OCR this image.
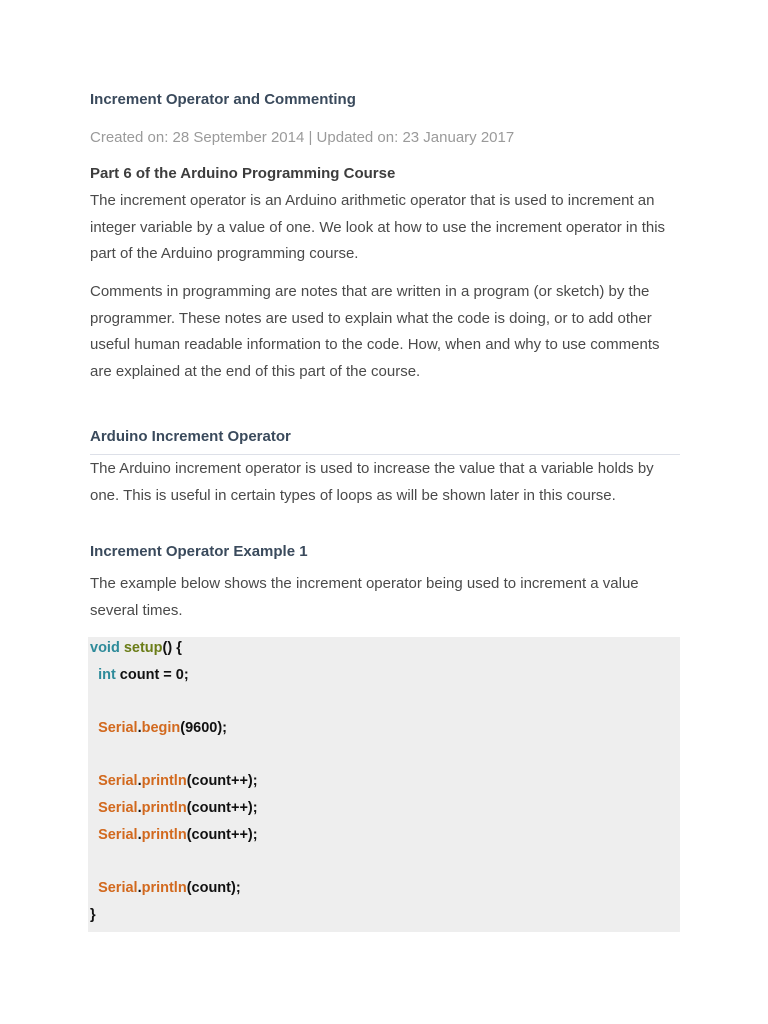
Increment Operator and Commenting
Created on: 28 September 2014 | Updated on: 23 January 2017
Part 6 of the Arduino Programming Course
The increment operator is an Arduino arithmetic operator that is used to increment an integer variable by a value of one. We look at how to use the increment operator in this part of the Arduino programming course.
Comments in programming are notes that are written in a program (or sketch) by the programmer. These notes are used to explain what the code is doing, or to add other useful human readable information to the code. How, when and why to use comments are explained at the end of this part of the course.
Arduino Increment Operator
The Arduino increment operator is used to increase the value that a variable holds by one. This is useful in certain types of loops as will be shown later in this course.
Increment Operator Example 1
The example below shows the increment operator being used to increment a value several times.
void setup() {
int count = 0;
Serial.begin(9600);
Serial.println(count++);
Serial.println(count++);
Serial.println(count++);
Serial.println(count);
}
